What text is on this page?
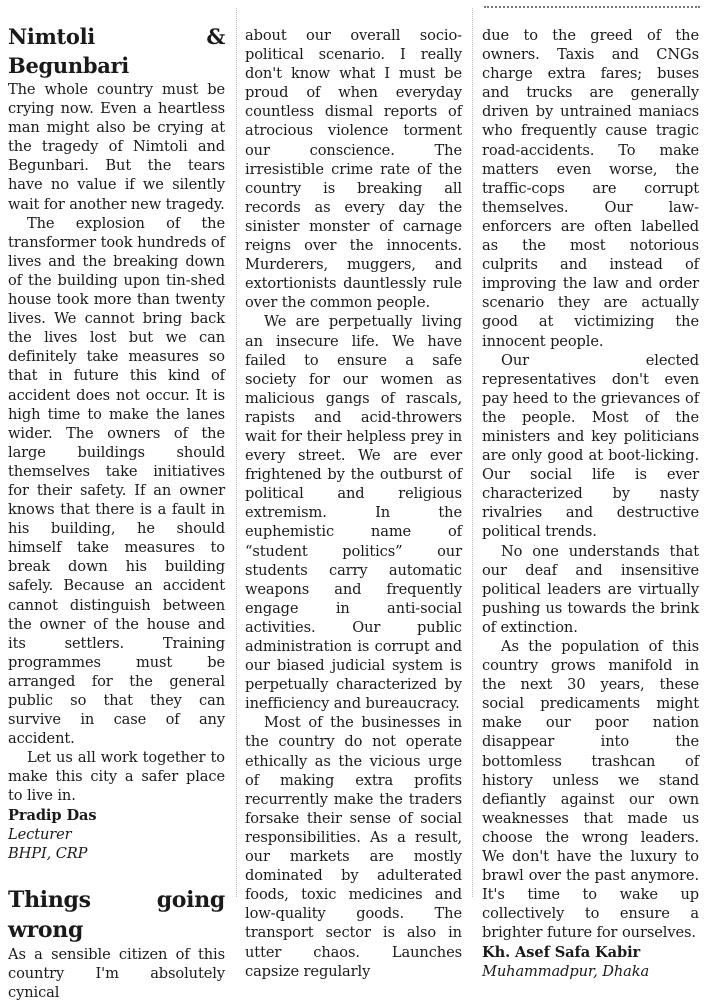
Nimtoli & Begunbari

The whole country must be crying now. Even a heartless man might also be crying at the tragedy of Nimtoli and Begunbari. But the tears have no value if we silently wait for another new tragedy.

The explosion of the transformer took hundreds of lives and the breaking down of the building upon tin-shed house took more than twenty lives. We cannot bring back the lives lost but we can definitely take measures so that in future this kind of accident does not occur. It is high time to make the lanes wider. The owners of the large buildings should themselves take initiatives for their safety. If an owner knows that there is a fault in his building, he should himself take measures to break down his building safely. Because an accident cannot distinguish between the owner of the house and its settlers. Training programmes must be arranged for the general public so that they can survive in case of any accident.

Let us all work together to make this city a safer place to live in.

Pradip Das

Lecturer

BHPI, CRP

Things going wrong

As a sensible citizen of this country I'm absolutely cynical

about our overall socio-political scenario. I really don't know what I must be proud of when everyday countless dismal reports of atrocious violence torment our conscience. The irresistible crime rate of the country is breaking all records as every day the sinister monster of carnage reigns over the innocents. Murderers, muggers, and extortionists dauntlessly rule over the common people.

We are perpetually living an insecure life. We have failed to ensure a safe society for our women as malicious gangs of rascals, rapists and acid-throwers wait for their helpless prey in every street. We are ever frightened by the outburst of political and religious extremism. In the euphemistic name of “student politics” our students carry automatic weapons and frequently engage in anti-social activities. Our public administration is corrupt and our biased judicial system is perpetually characterized by inefficiency and bureaucracy.

Most of the businesses in the country do not operate ethically as the vicious urge of making extra profits recurrently make the traders forsake their sense of social responsibilities. As a result, our markets are mostly dominated by adulterated foods, toxic medicines and low-quality goods. The transport sector is also in utter chaos. Launches capsize regularly

due to the greed of the owners. Taxis and CNGs charge extra fares; buses and trucks are generally driven by untrained maniacs who frequently cause tragic road-accidents. To make matters even worse, the traffic-cops are corrupt themselves. Our law-enforcers are often labelled as the most notorious culprits and instead of improving the law and order scenario they are actually good at victimizing the innocent people.

Our elected representatives don't even pay heed to the grievances of the people. Most of the ministers and key politicians are only good at boot-licking. Our social life is ever characterized by nasty rivalries and destructive political trends.

No one understands that our deaf and insensitive political leaders are virtually pushing us towards the brink of extinction.

As the population of this country grows manifold in the next 30 years, these social predicaments might make our poor nation disappear into the bottomless trashcan of history unless we stand defiantly against our own weaknesses that made us choose the wrong leaders. We don't have the luxury to brawl over the past anymore. It's time to wake up collectively to ensure a brighter future for ourselves.

Kh. Asef Safa Kabir

Muhammadpur, Dhaka
